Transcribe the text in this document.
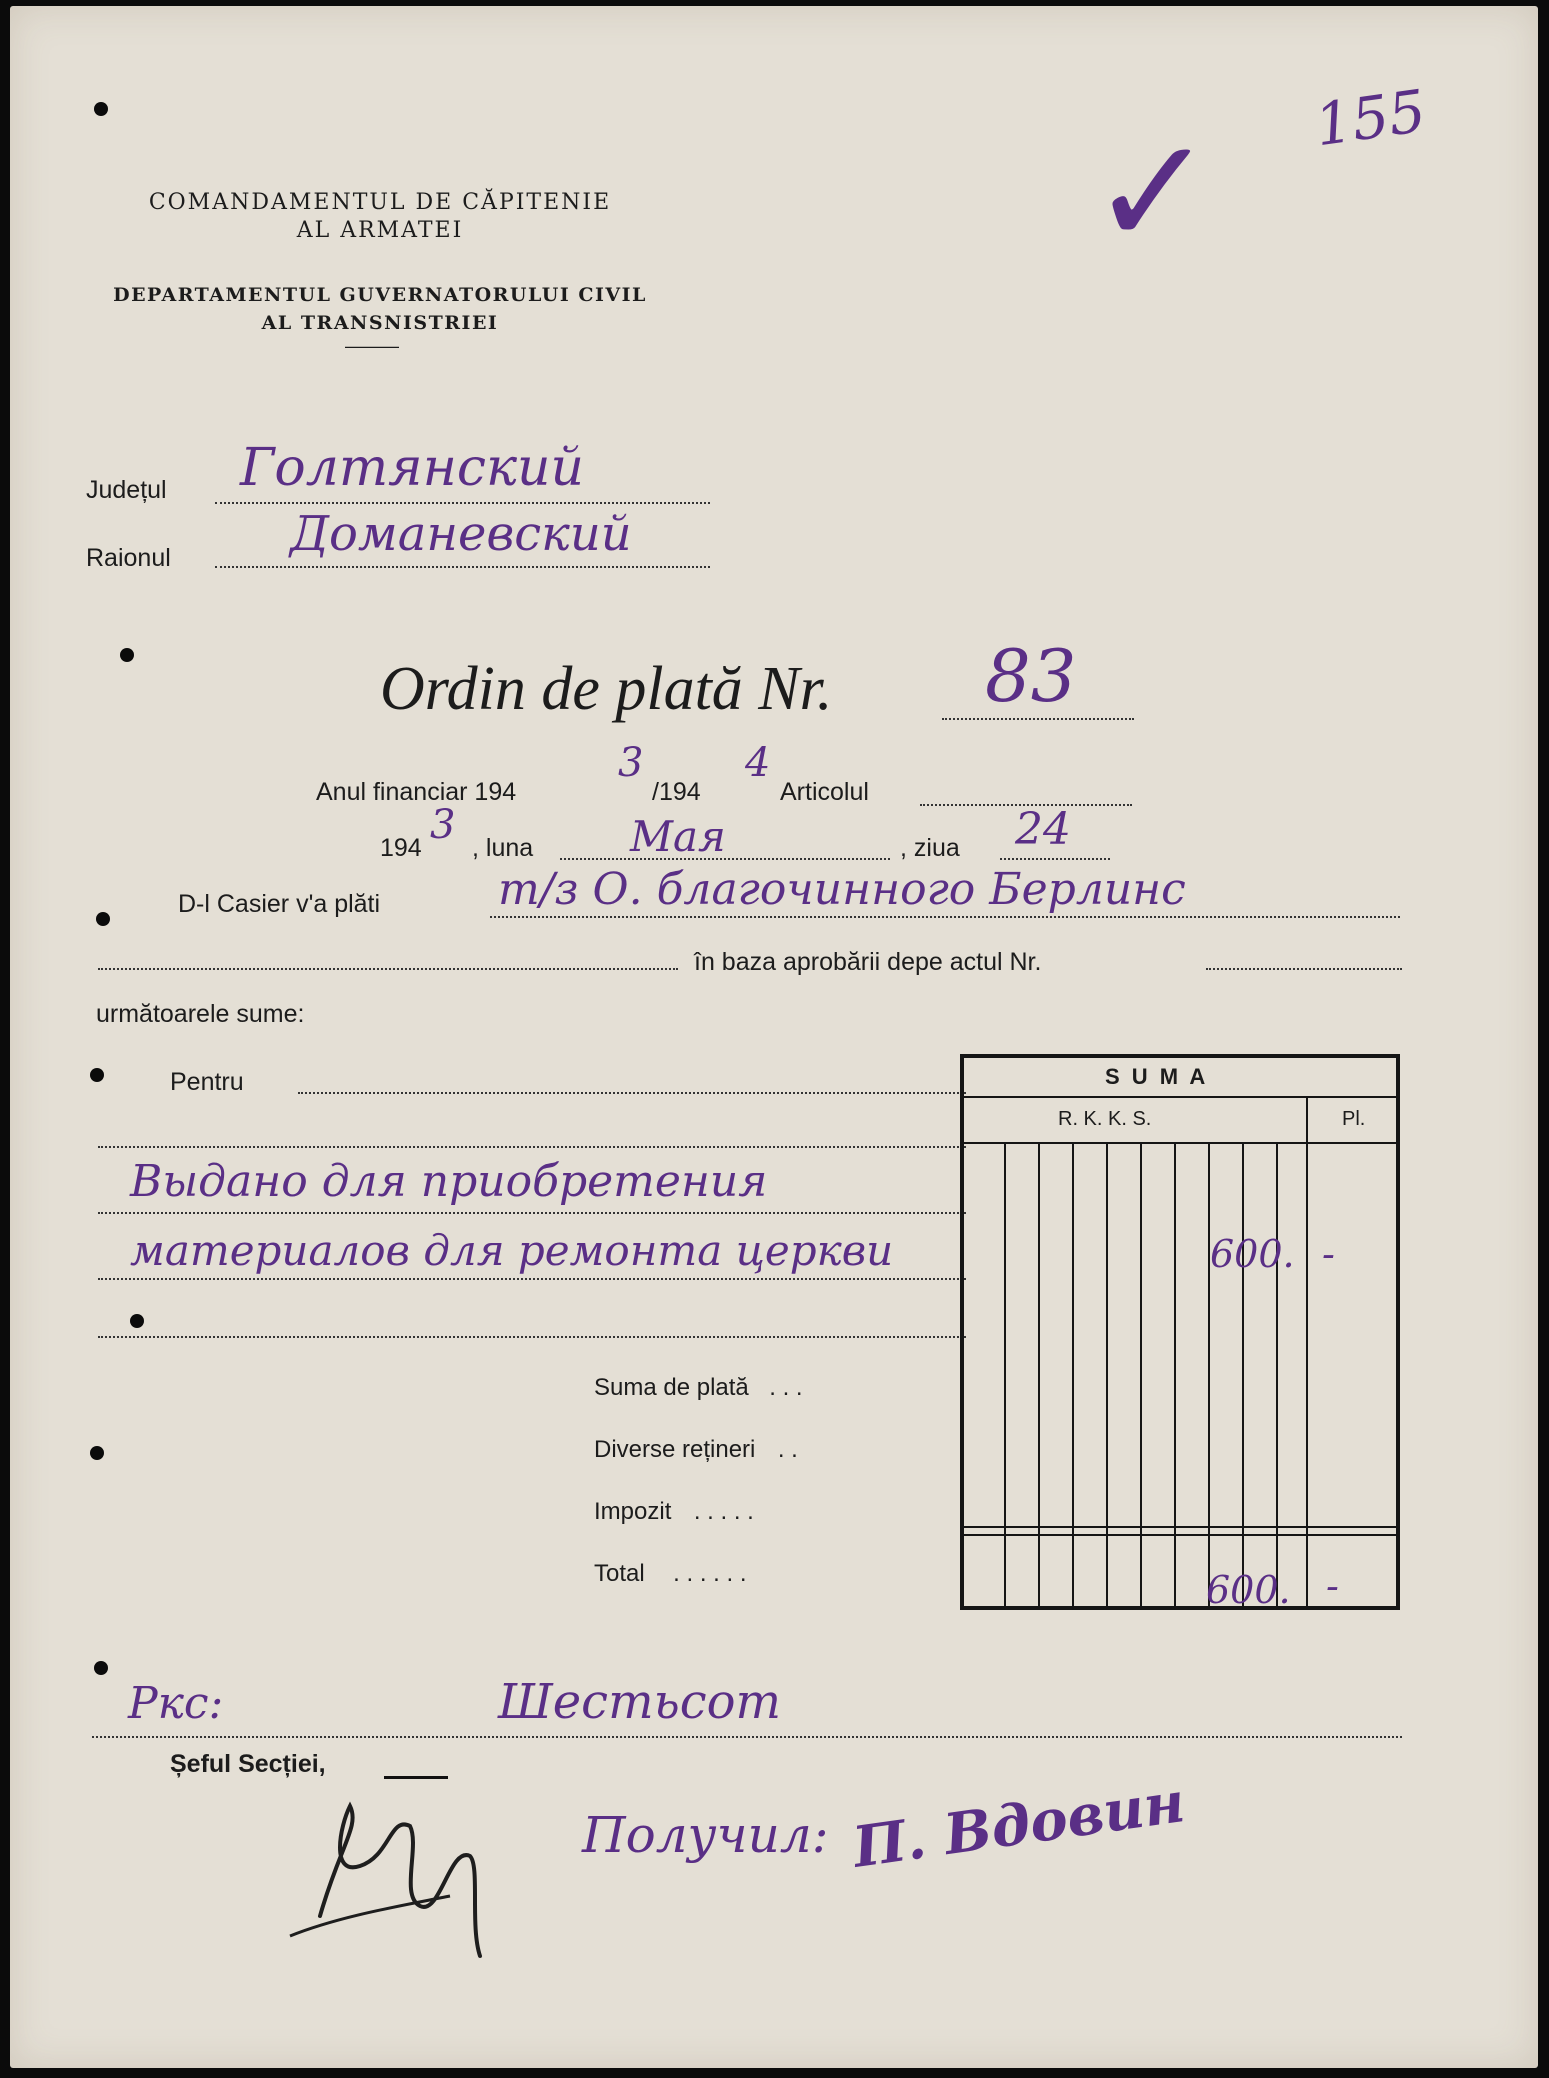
COMANDAMENTUL DE CĂPITENIE
AL ARMATEI
DEPARTAMENTUL GUVERNATORULUI CIVIL
AL TRANSNISTRIEI
———
✓ 155
Județul Голтянский
Raionul Доманевский
Ordin de plată Nr. 83
Anul financiar 194
3
/194
4
Articolul
194 3 , luna Мая	, ziua 24
D-l Casier v'a plăti	т/з О. благочинного Берлинс
în baza aprobării depe actul Nr.
următoarele sume:
Pentru
Выдано для приобретения
материалов для ремонта церкви
S U M A
R. K. K. S.	Pl.
600. -
600. -
Suma de plată . . .
Diverse rețineri . .
Impozit . . . . .
Total . . . . . .
Ркс:	Шестьсот
Șeful Secției,
Получил: П. Вдовин
